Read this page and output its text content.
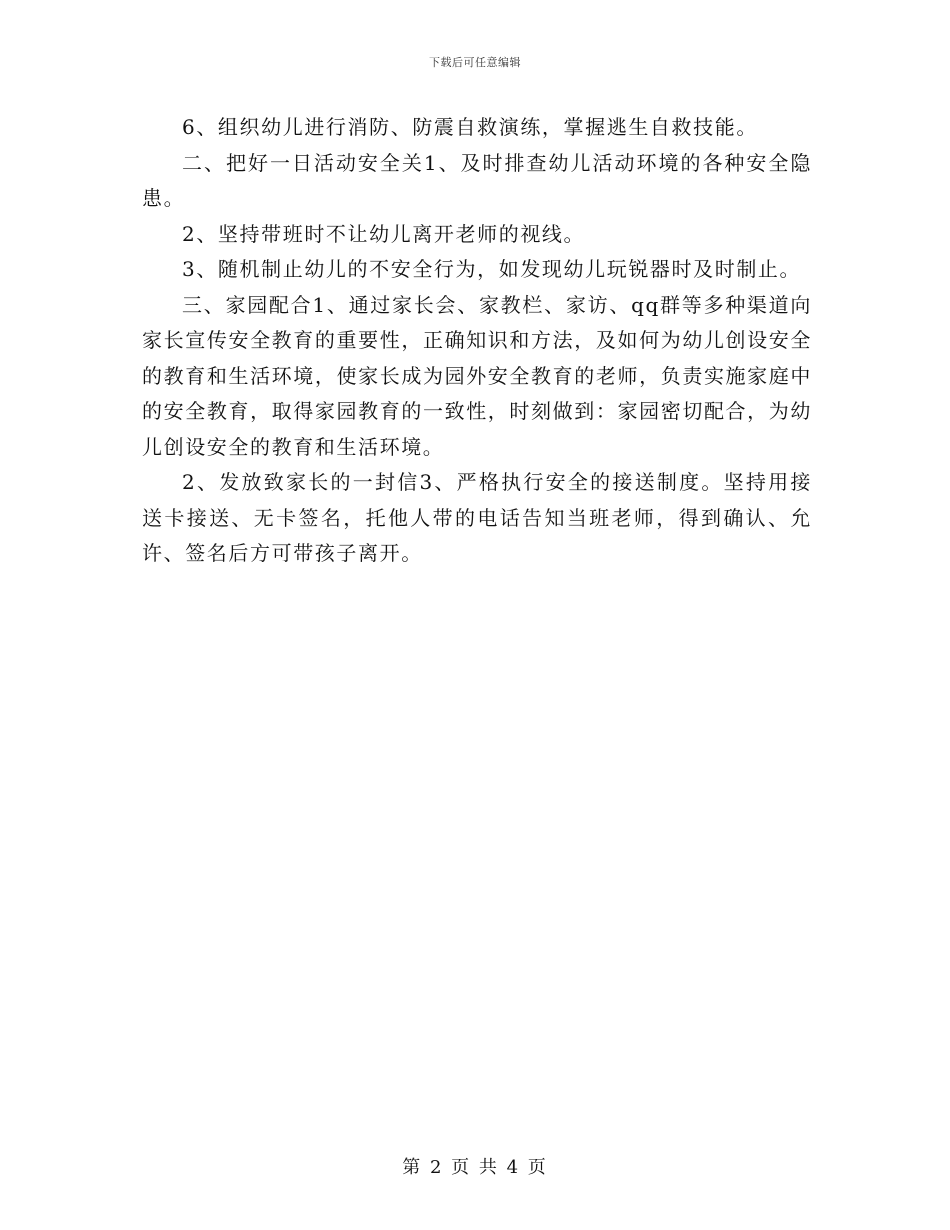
下载后可任意编辑

6、组织幼儿进行消防、防震自救演练，掌握逃生自救技能。

二、把好一日活动安全关1、及时排查幼儿活动环境的各种安全隐患。

2、坚持带班时不让幼儿离开老师的视线。

3、随机制止幼儿的不安全行为，如发现幼儿玩锐器时及时制止。

三、家园配合1、通过家长会、家教栏、家访、qq群等多种渠道向家长宣传安全教育的重要性，正确知识和方法，及如何为幼儿创设安全的教育和生活环境，使家长成为园外安全教育的老师，负责实施家庭中的安全教育，取得家园教育的一致性，时刻做到：家园密切配合，为幼儿创设安全的教育和生活环境。

2、发放致家长的一封信3、严格执行安全的接送制度。坚持用接送卡接送、无卡签名，托他人带的电话告知当班老师，得到确认、允许、签名后方可带孩子离开。

第 2 页 共 4 页
